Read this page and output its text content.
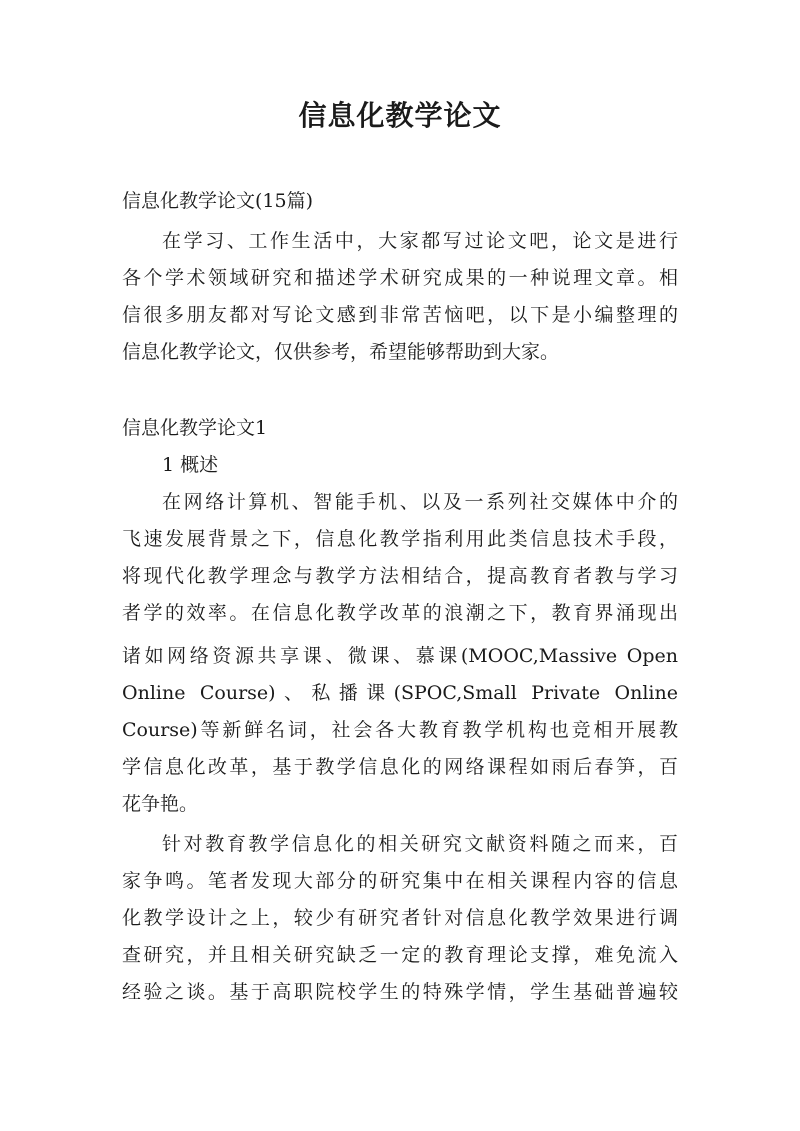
信息化教学论文
信息化教学论文(15篇)
在学习、工作生活中，大家都写过论文吧，论文是进行
各个学术领域研究和描述学术研究成果的一种说理文章。相
信很多朋友都对写论文感到非常苦恼吧，以下是小编整理的
信息化教学论文，仅供参考，希望能够帮助到大家。
信息化教学论文1
1 概述
在网络计算机、智能手机、以及一系列社交媒体中介的
飞速发展背景之下，信息化教学指利用此类信息技术手段，
将现代化教学理念与教学方法相结合，提高教育者教与学习
者学的效率。在信息化教学改革的浪潮之下，教育界涌现出
诸如网络资源共享课、微课、慕课(MOOC,Massive Open
Online Course)、私播课(SPOC,Small Private Online
Course)等新鲜名词，社会各大教育教学机构也竞相开展教
学信息化改革，基于教学信息化的网络课程如雨后春笋，百
花争艳。
针对教育教学信息化的相关研究文献资料随之而来，百
家争鸣。笔者发现大部分的研究集中在相关课程内容的信息
化教学设计之上，较少有研究者针对信息化教学效果进行调
查研究，并且相关研究缺乏一定的教育理论支撑，难免流入
经验之谈。基于高职院校学生的特殊学情，学生基础普遍较
